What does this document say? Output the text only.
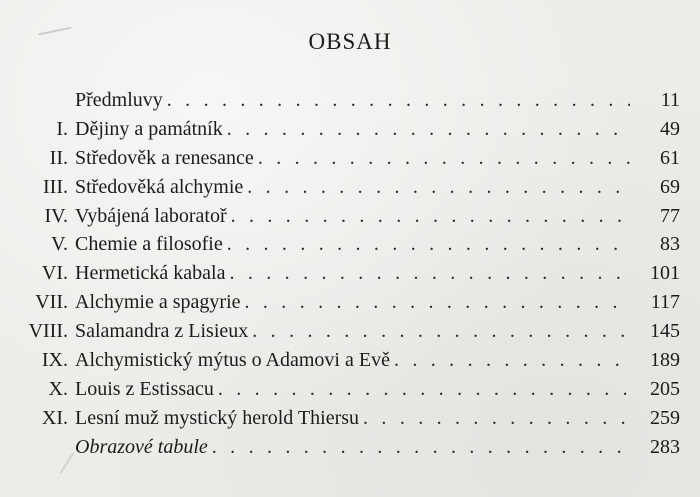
OBSAH
Předmluvy . . .	11
I. Dějiny a památník . . .	49
II. Středověk a renesance . . .	61
III. Středověká alchymie . . .	69
IV. Vybájená laboratoř . . .	77
V. Chemie a filosofie . . .	83
VI. Hermetická kabala . . .	101
VII. Alchymie a spagyrie . . .	117
VIII. Salamandra z Lisieux . . .	145
IX. Alchymistický mýtus o Adamovi a Evě . . .	189
X. Louis z Estissacu . . .	205
XI. Lesní muž mystický herold Thiersu . . .	259
Obrazové tabule . . .	283
